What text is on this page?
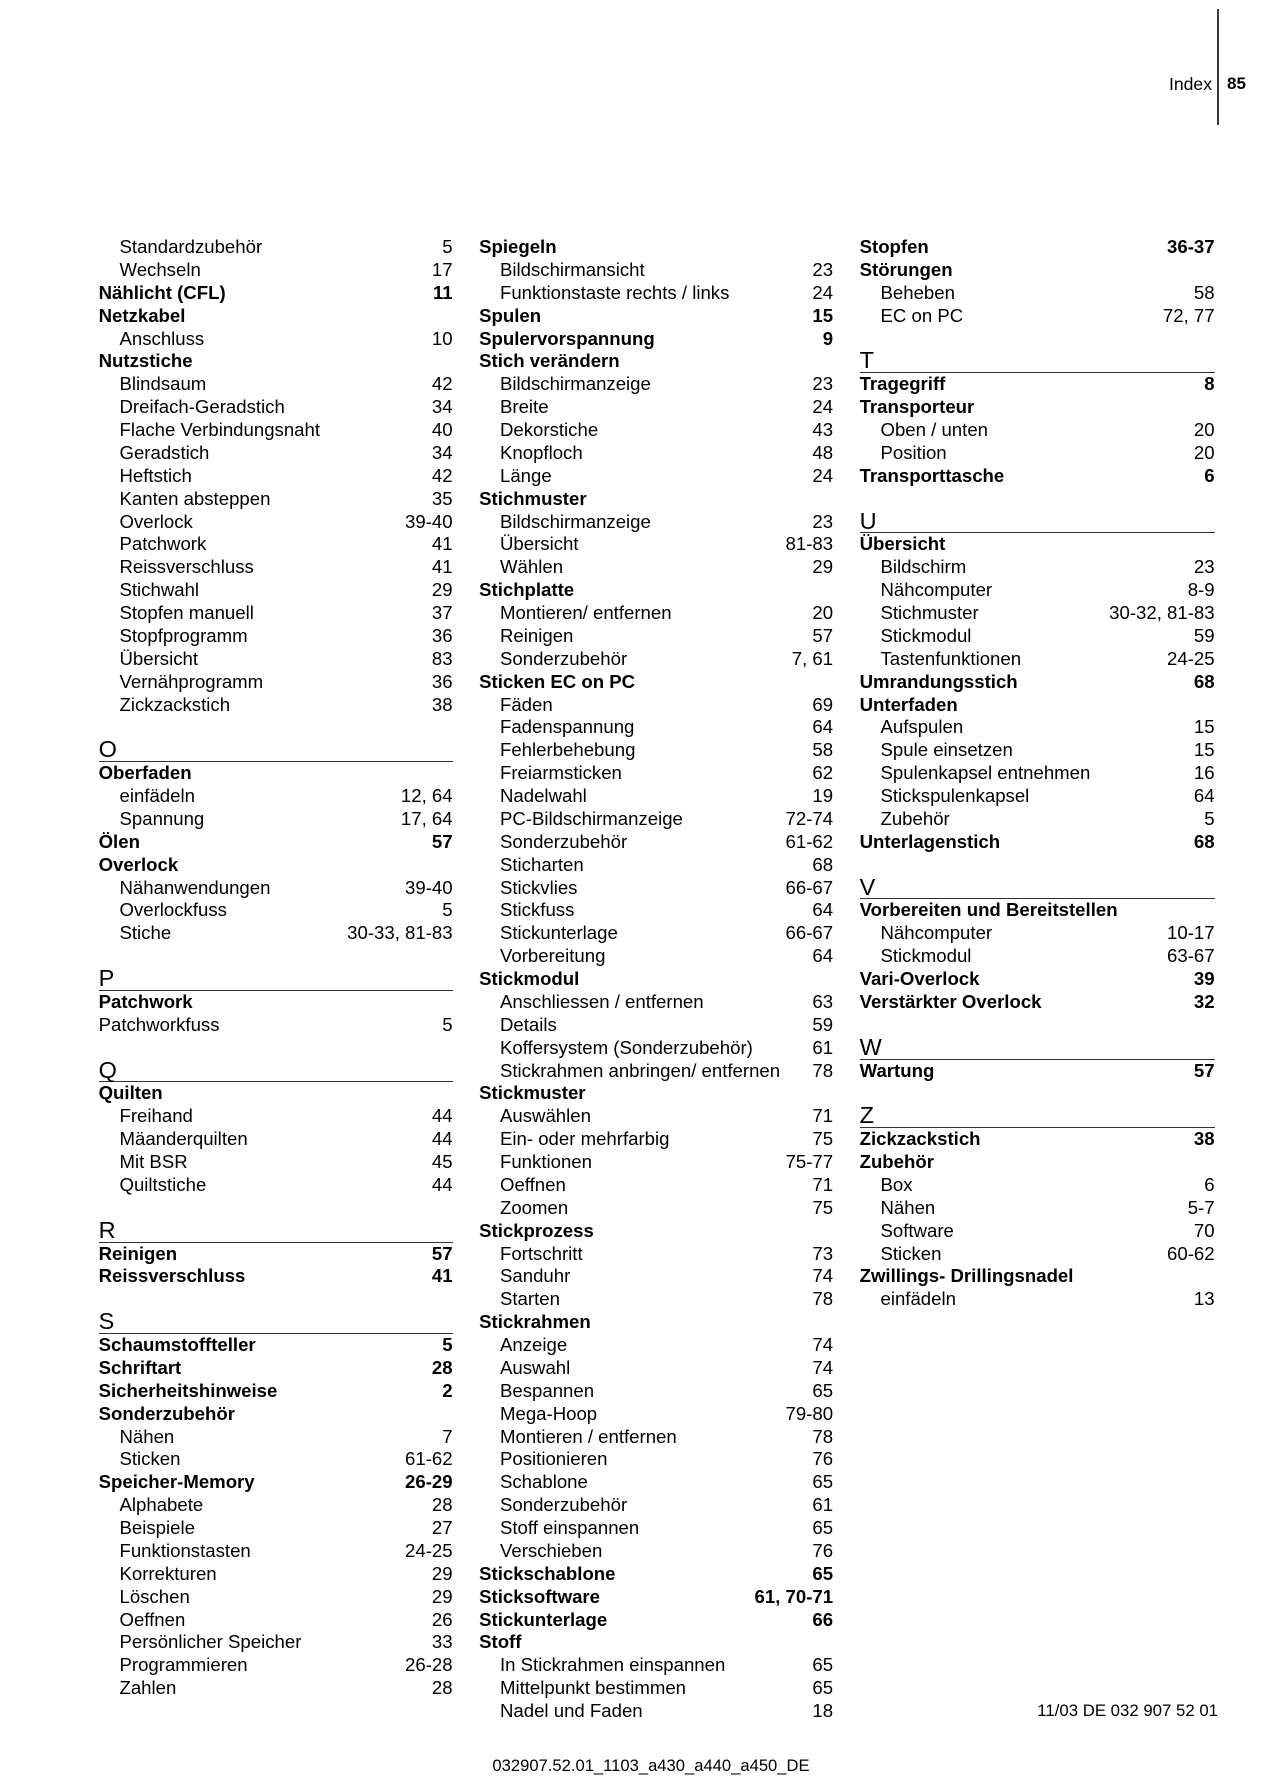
Index 85
Standardzubehör	5
Wechseln	17
Nählicht (CFL)	11
Netzkabel
Anschluss	10
Nutzstiche
Blindsaum	42
Dreifach-Geradstich	34
Flache Verbindungsnaht	40
Geradstich	34
Heftstich	42
Kanten absteppen	35
Overlock	39-40
Patchwork	41
Reissverschluss	41
Stichwahl	29
Stopfen manuell	37
Stopfprogramm	36
Übersicht	83
Vernähprogramm	36
Zickzackstich	38
O
Oberfaden
einfädeln	12, 64
Spannung	17, 64
Ölen	57
Overlock
Nähanwendungen	39-40
Overlockfuss	5
Stiche	30-33, 81-83
P
Patchwork
Patchworkfuss	5
Q
Quilten
Freihand	44
Mäanderquilten	44
Mit BSR	45
Quiltstiche	44
R
Reinigen	57
Reissverschluss	41
S
Schaumstoffteller	5
Schriftart	28
Sicherheitshinweise	2
Sonderzubehör
Nähen	7
Sticken	61-62
Speicher-Memory	26-29
Alphabete	28
Beispiele	27
Funktionstasten	24-25
Korrekturen	29
Löschen	29
Oeffnen	26
Persönlicher Speicher	33
Programmieren	26-28
Zahlen	28
Spiegeln
Bildschirmansicht	23
Funktionstaste rechts / links	24
Spulen	15
Spulervorspannung	9
Stich verändern
Bildschirmanzeige	23
Breite	24
Dekorstiche	43
Knopfloch	48
Länge	24
Stichmuster
Bildschirmanzeige	23
Übersicht	81-83
Wählen	29
Stichplatte
Montieren/ entfernen	20
Reinigen	57
Sonderzubehör	7, 61
Sticken EC on PC
Fäden	69
Fadenspannung	64
Fehlerbehebung	58
Freiarmsticken	62
Nadelwahl	19
PC-Bildschirmanzeige	72-74
Sonderzubehör	61-62
Sticharten	68
Stickvlies	66-67
Stickfuss	64
Stickunterlage	66-67
Vorbereitung	64
Stickmodul
Anschliessen / entfernen	63
Details	59
Koffersystem (Sonderzubehör)	61
Stickrahmen anbringen/ entfernen	78
Stickmuster
Auswählen	71
Ein- oder mehrfarbig	75
Funktionen	75-77
Oeffnen	71
Zoomen	75
Stickprozess
Fortschritt	73
Sanduhr	74
Starten	78
Stickrahmen
Anzeige	74
Auswahl	74
Bespannen	65
Mega-Hoop	79-80
Montieren / entfernen	78
Positionieren	76
Schablone	65
Sonderzubehör	61
Stoff einspannen	65
Verschieben	76
Stickschablone	65
Sticksoftware	61, 70-71
Stickunterlage	66
Stoff
In Stickrahmen einspannen	65
Mittelpunkt bestimmen	65
Nadel und Faden	18
Stopfen	36-37
Störungen
Beheben	58
EC on PC	72, 77
T
Tragegriff	8
Transporteur
Oben / unten	20
Position	20
Transporttasche	6
U
Übersicht
Bildschirm	23
Nähcomputer	8-9
Stichmuster	30-32, 81-83
Stickmodul	59
Tastenfunktionen	24-25
Umrandungsstich	68
Unterfaden
Aufspulen	15
Spule einsetzen	15
Spulenkapsel entnehmen	16
Stickspulenkapsel	64
Zubehör	5
Unterlagenstich	68
V
Vorbereiten und Bereitstellen
Nähcomputer	10-17
Stickmodul	63-67
Vari-Overlock	39
Verstärkter Overlock	32
W
Wartung	57
Z
Zickzackstich	38
Zubehör
Box	6
Nähen	5-7
Software	70
Sticken	60-62
Zwillings- Drillingsnadel
einfädeln	13
11/03 DE 032 907 52 01
032907.52.01_1103_a430_a440_a450_DE
